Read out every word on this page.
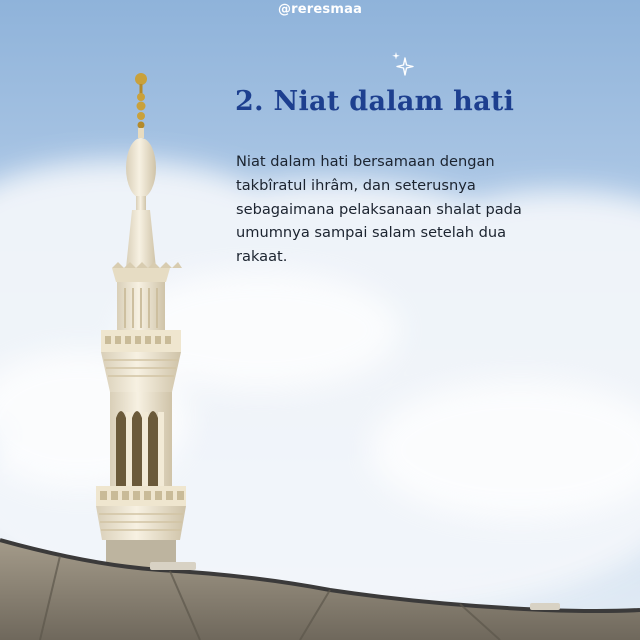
@reresmaa
2. Niat dalam hati

Niat dalam hati bersamaan dengan takbîratul ihrâm, dan seterusnya sebagaimana pelaksanaan shalat pada umumnya sampai salam setelah dua rakaat.
